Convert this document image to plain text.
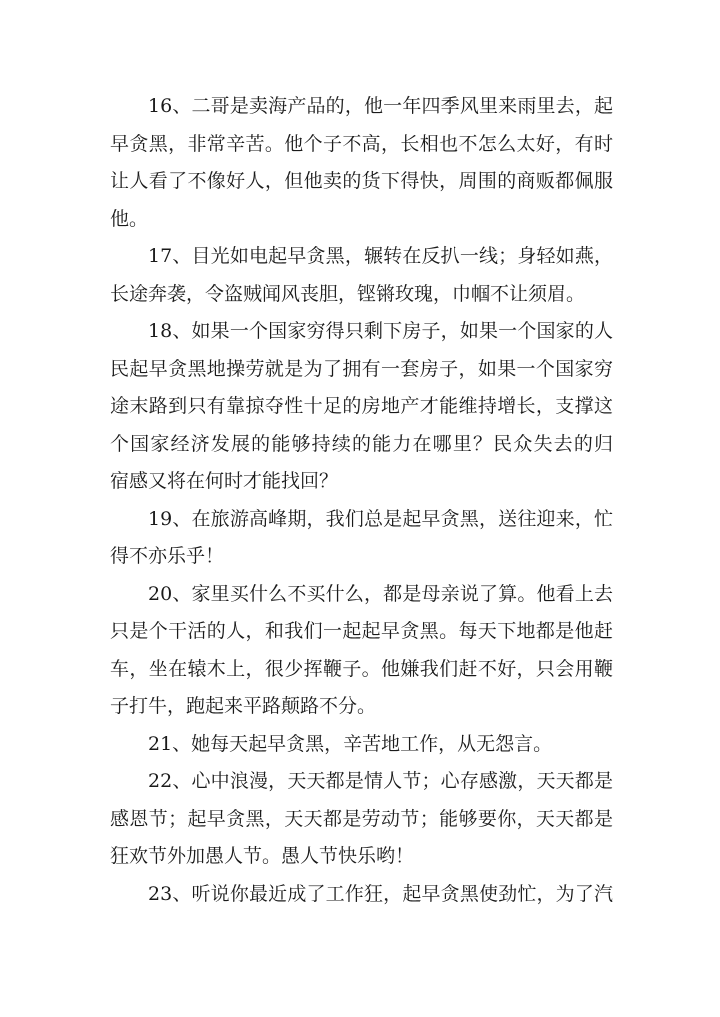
16、二哥是卖海产品的，他一年四季风里来雨里去，起
早贪黑，非常辛苦。他个子不高，长相也不怎么太好，有时
让人看了不像好人，但他卖的货下得快，周围的商贩都佩服
他。
17、目光如电起早贪黑，辗转在反扒一线；身轻如燕，
长途奔袭，令盗贼闻风丧胆，铿锵玫瑰，巾帼不让须眉。
18、如果一个国家穷得只剩下房子，如果一个国家的人
民起早贪黑地操劳就是为了拥有一套房子，如果一个国家穷
途末路到只有靠掠夺性十足的房地产才能维持增长，支撑这
个国家经济发展的能够持续的能力在哪里？民众失去的归
宿感又将在何时才能找回？
19、在旅游高峰期，我们总是起早贪黑，送往迎来，忙
得不亦乐乎！
20、家里买什么不买什么，都是母亲说了算。他看上去
只是个干活的人，和我们一起起早贪黑。每天下地都是他赶
车，坐在辕木上，很少挥鞭子。他嫌我们赶不好，只会用鞭
子打牛，跑起来平路颠路不分。
21、她每天起早贪黑，辛苦地工作，从无怨言。
22、心中浪漫，天天都是情人节；心存感激，天天都是
感恩节；起早贪黑，天天都是劳动节；能够要你，天天都是
狂欢节外加愚人节。愚人节快乐哟！
23、听说你最近成了工作狂，起早贪黑使劲忙，为了汽
